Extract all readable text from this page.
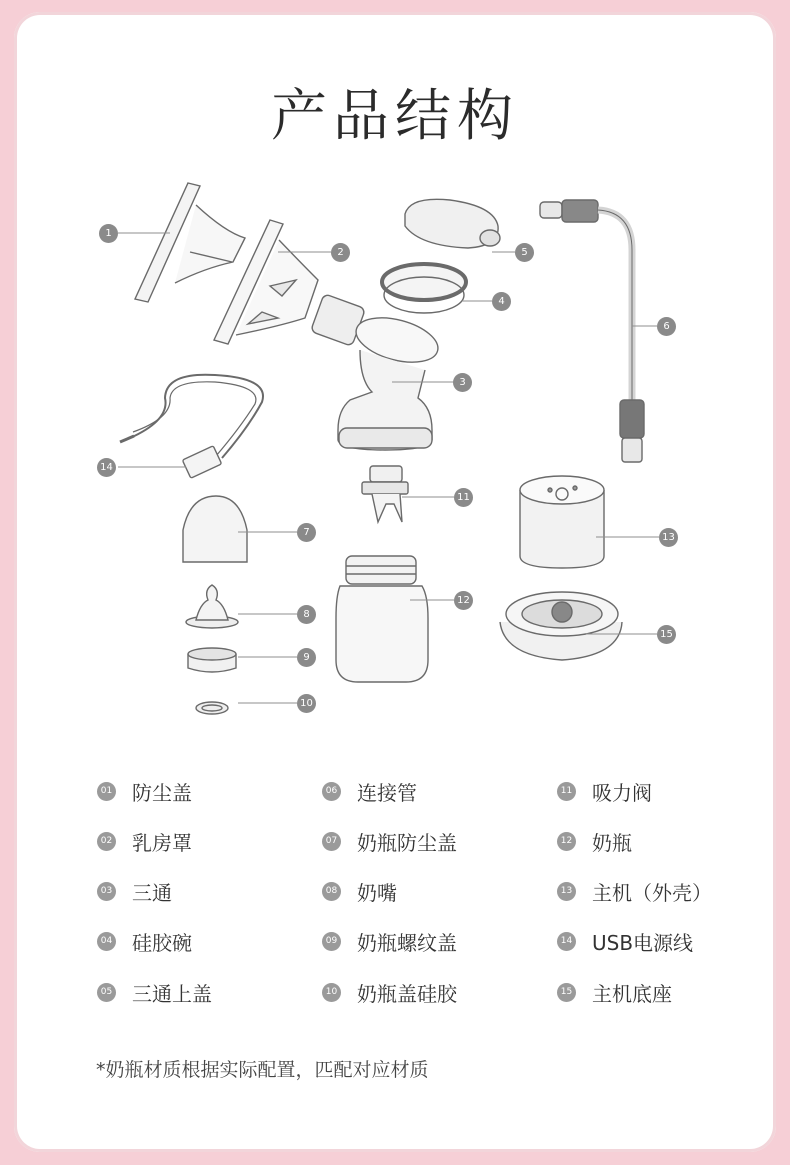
产品结构
1
2
3
4
5
6
7
8
9
10
11
12
13
14
15
01 防尘盖
02 乳房罩
03 三通
04 硅胶碗
05 三通上盖
06 连接管
07 奶瓶防尘盖
08 奶嘴
09 奶瓶螺纹盖
10 奶瓶盖硅胶
11 吸力阀
12 奶瓶
13 主机（外壳）
14 USB电源线
15 主机底座
*奶瓶材质根据实际配置，匹配对应材质
